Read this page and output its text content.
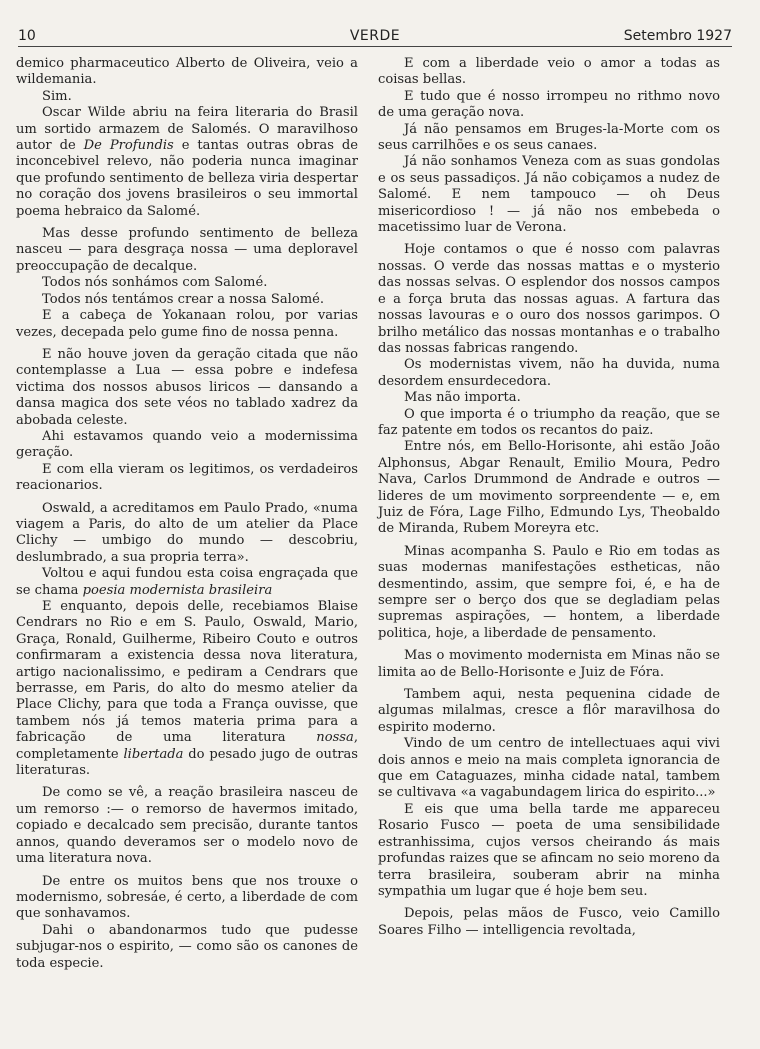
10	VERDE	Setembro 1927

demico pharmaceutico Alberto de Oliveira, veio a wildemania.

Sim.

Oscar Wilde abriu na feira literaria do Brasil um sortido armazem de Salomés. O maravilhoso autor de De Profundis e tantas outras obras de inconcebivel relevo, não poderia nunca imaginar que profundo sentimento de belleza viria despertar no coração dos jovens brasileiros o seu immortal poema hebraico da Salomé.

Mas desse profundo sentimento de belleza nasceu — para desgraça nossa — uma deploravel preoccupação de decalque.

Todos nós sonhámos com Salomé.

Todos nós tentámos crear a nossa Salomé.

E a cabeça de Yokanaan rolou, por varias vezes, decepada pelo gume fino de nossa penna.

E não houve joven da geração citada que não contemplasse a Lua — essa pobre e indefesa victima dos nossos abusos liricos — dansando a dansa magica dos sete véos no tablado xadrez da abobada celeste.

Ahi estavamos quando veio a modernissima geração.

E com ella vieram os legitimos, os verdadeiros reacionarios.

Oswald, a acreditamos em Paulo Prado, «numa viagem a Paris, do alto de um atelier da Place Clichy — umbigo do mundo — descobriu, deslumbrado, a sua propria terra».

Voltou e aqui fundou esta coisa engraçada que se chama poesia modernista brasileira

E enquanto, depois delle, recebiamos Blaise Cendrars no Rio e em S. Paulo, Oswald, Mario, Graça, Ronald, Guilherme, Ribeiro Couto e outros confirmaram a existencia dessa nova literatura, artigo nacionalissimo, e pediram a Cendrars que berrasse, em Paris, do alto do mesmo atelier da Place Clichy, para que toda a França ouvisse, que tambem nós já temos materia prima para a fabricação de uma literatura nossa, completamente libertada do pesado jugo de outras literaturas.

De como se vê, a reação brasileira nasceu de um remorso :— o remorso de havermos imitado, copiado e decalcado sem precisão, durante tantos annos, quando deveramos ser o modelo novo de uma literatura nova.

De entre os muitos bens que nos trouxe o modernismo, sobresáe, é certo, a liberdade de com que sonhavamos.

Dahi o abandonarmos tudo que pudesse subjugar-nos o espirito, — como são os canones de toda especie.

E com a liberdade veio o amor a todas as coisas bellas.

E tudo que é nosso irrompeu no rithmo novo de uma geração nova.

Já não pensamos em Bruges-la-Morte com os seus carrilhões e os seus canaes.

Já não sonhamos Veneza com as suas gondolas e os seus passadiços. Já não cobiçamos a nudez de Salomé. E nem tampouco — oh Deus misericordioso ! — já não nos embebeda o macetissimo luar de Verona.

Hoje contamos o que é nosso com palavras nossas. O verde das nossas mattas e o mysterio das nossas selvas. O esplendor dos nossos campos e a força bruta das nossas aguas. A fartura das nossas lavouras e o ouro dos nossos garimpos. O brilho metálico das nossas montanhas e o trabalho das nossas fabricas rangendo.

Os modernistas vivem, não ha duvida, numa desordem ensurdecedora.

Mas não importa.

O que importa é o triumpho da reação, que se faz patente em todos os recantos do paiz.

Entre nós, em Bello-Horisonte, ahi estão João Alphonsus, Abgar Renault, Emilio Moura, Pedro Nava, Carlos Drummond de Andrade e outros — lideres de um movimento sorpreendente — e, em Juiz de Fóra, Lage Filho, Edmundo Lys, Theobaldo de Miranda, Rubem Moreyra etc.

Minas acompanha S. Paulo e Rio em todas as suas modernas manifestações estheticas, não desmentindo, assim, que sempre foi, é, e ha de sempre ser o berço dos que se degladiam pelas supremas aspirações, — hontem, a liberdade politica, hoje, a liberdade de pensamento.

Mas o movimento modernista em Minas não se limita ao de Bello-Horisonte e Juiz de Fóra.

Tambem aqui, nesta pequenina cidade de algumas milalmas, cresce a flôr maravilhosa do espirito moderno.

Vindo de um centro de intellectuaes aqui vivi dois annos e meio na mais completa ignorancia de que em Cataguazes, minha cidade natal, tambem se cultivava «a vagabundagem lirica do espirito...»

E eis que uma bella tarde me appareceu Rosario Fusco — poeta de uma sensibilidade estranhissima, cujos versos cheirando ás mais profundas raizes que se afincam no seio moreno da terra brasileira, souberam abrir na minha sympathia um lugar que é hoje bem seu.

Depois, pelas mãos de Fusco, veio Camillo Soares Filho — intelligencia revoltada,
